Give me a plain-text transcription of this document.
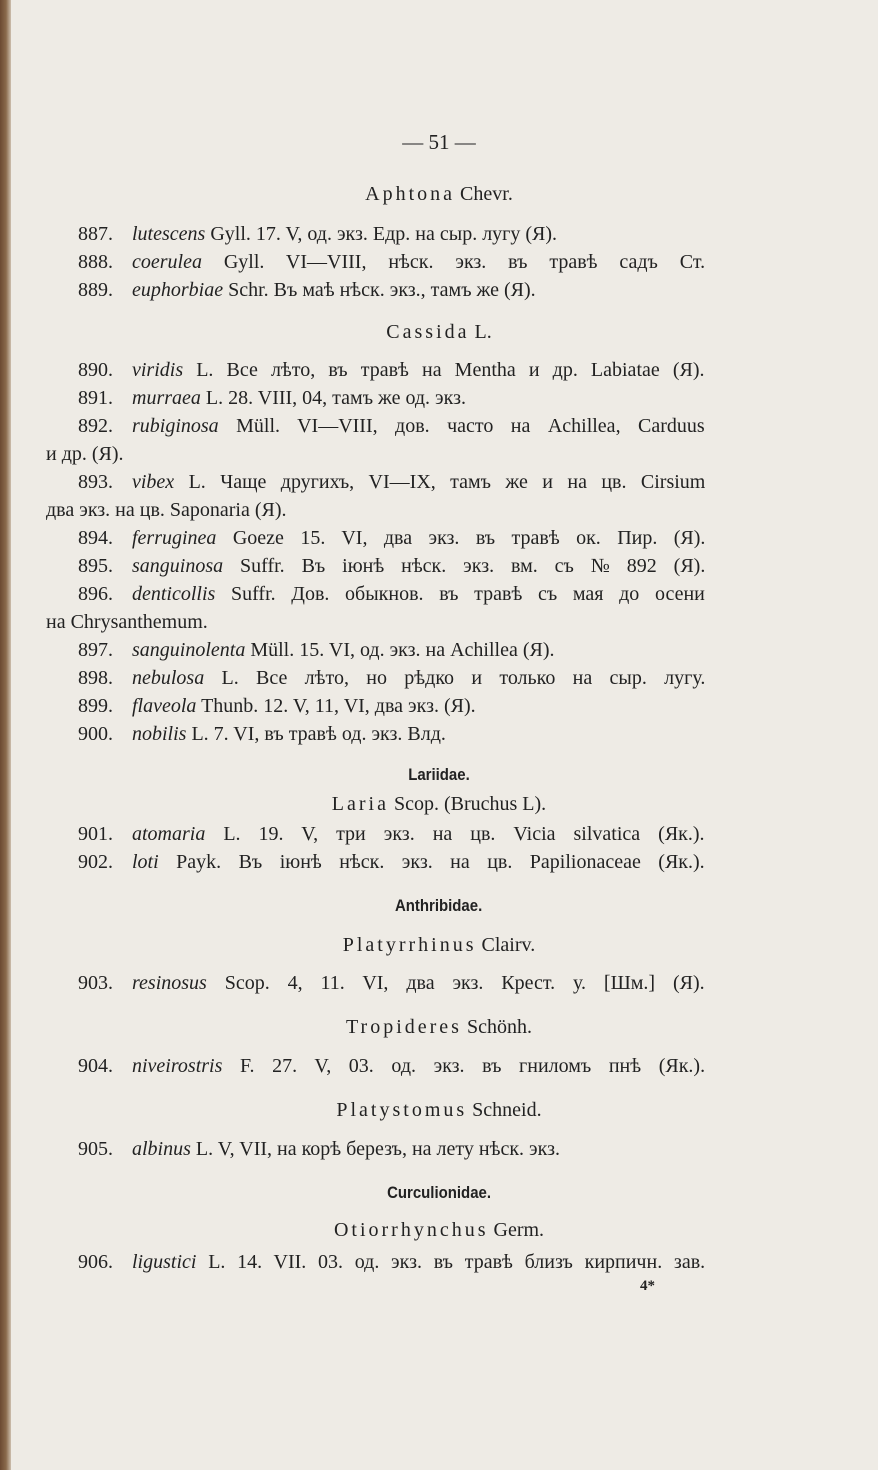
— 51 —
Aphtona Chevr.
887. lutescens Gyll. 17. V, од. экз. Едр. на сыр. лугу (Я).
888. coerulea Gyll. VI—VIII, нѣск. экз. въ травѣ садъ Ст.
889. euphorbiae Schr. Въ маѣ нѣск. экз., тамъ же (Я).
Cassida L.
890. viridis L. Все лѣто, въ травѣ на Mentha и др. Labiatae (Я).
891. murraea L. 28. VIII, 04, тамъ же од. экз.
892. rubiginosa Müll. VI—VIII, дов. часто на Achillea, Carduus
и др. (Я).
893. vibex L. Чаще другихъ, VI—IX, тамъ же и на цв. Cirsium
два экз. на цв. Saponaria (Я).
894. ferruginea Goeze 15. VI, два экз. въ травѣ ок. Пир. (Я).
895. sanguinosa Suffr. Въ іюнѣ нѣск. экз. вм. съ № 892 (Я).
896. denticollis Suffr. Дов. обыкнов. въ травѣ съ мая до осени
на Chrysanthemum.
897. sanguinolenta Müll. 15. VI, од. экз. на Achillea (Я).
898. nebulosa L. Все лѣто, но рѣдко и только на сыр. лугу.
899. flaveola Thunb. 12. V, 11, VI, два экз. (Я).
900. nobilis L. 7. VI, въ травѣ од. экз. Влд.
Lariidae.
Laria Scop. (Bruchus L).
901. atomaria L. 19. V, три экз. на цв. Vicia silvatica (Як.).
902. loti Payk. Въ іюнѣ нѣск. экз. на цв. Papilionaceae (Як.).
Anthribidae.
Platyrrhinus Clairv.
903. resinosus Scop. 4, 11. VI, два экз. Крест. у. [Шм.] (Я).
Tropideres Schönh.
904. niveirostris F. 27. V, 03. од. экз. въ гниломъ пнѣ (Як.).
Platystomus Schneid.
905. albinus L. V, VII, на корѣ березъ, на лету нѣск. экз.
Curculionidae.
Otiorrhynchus Germ.
906. ligustici L. 14. VII. 03. од. экз. въ травѣ близъ кирпичн. зав.
4*
